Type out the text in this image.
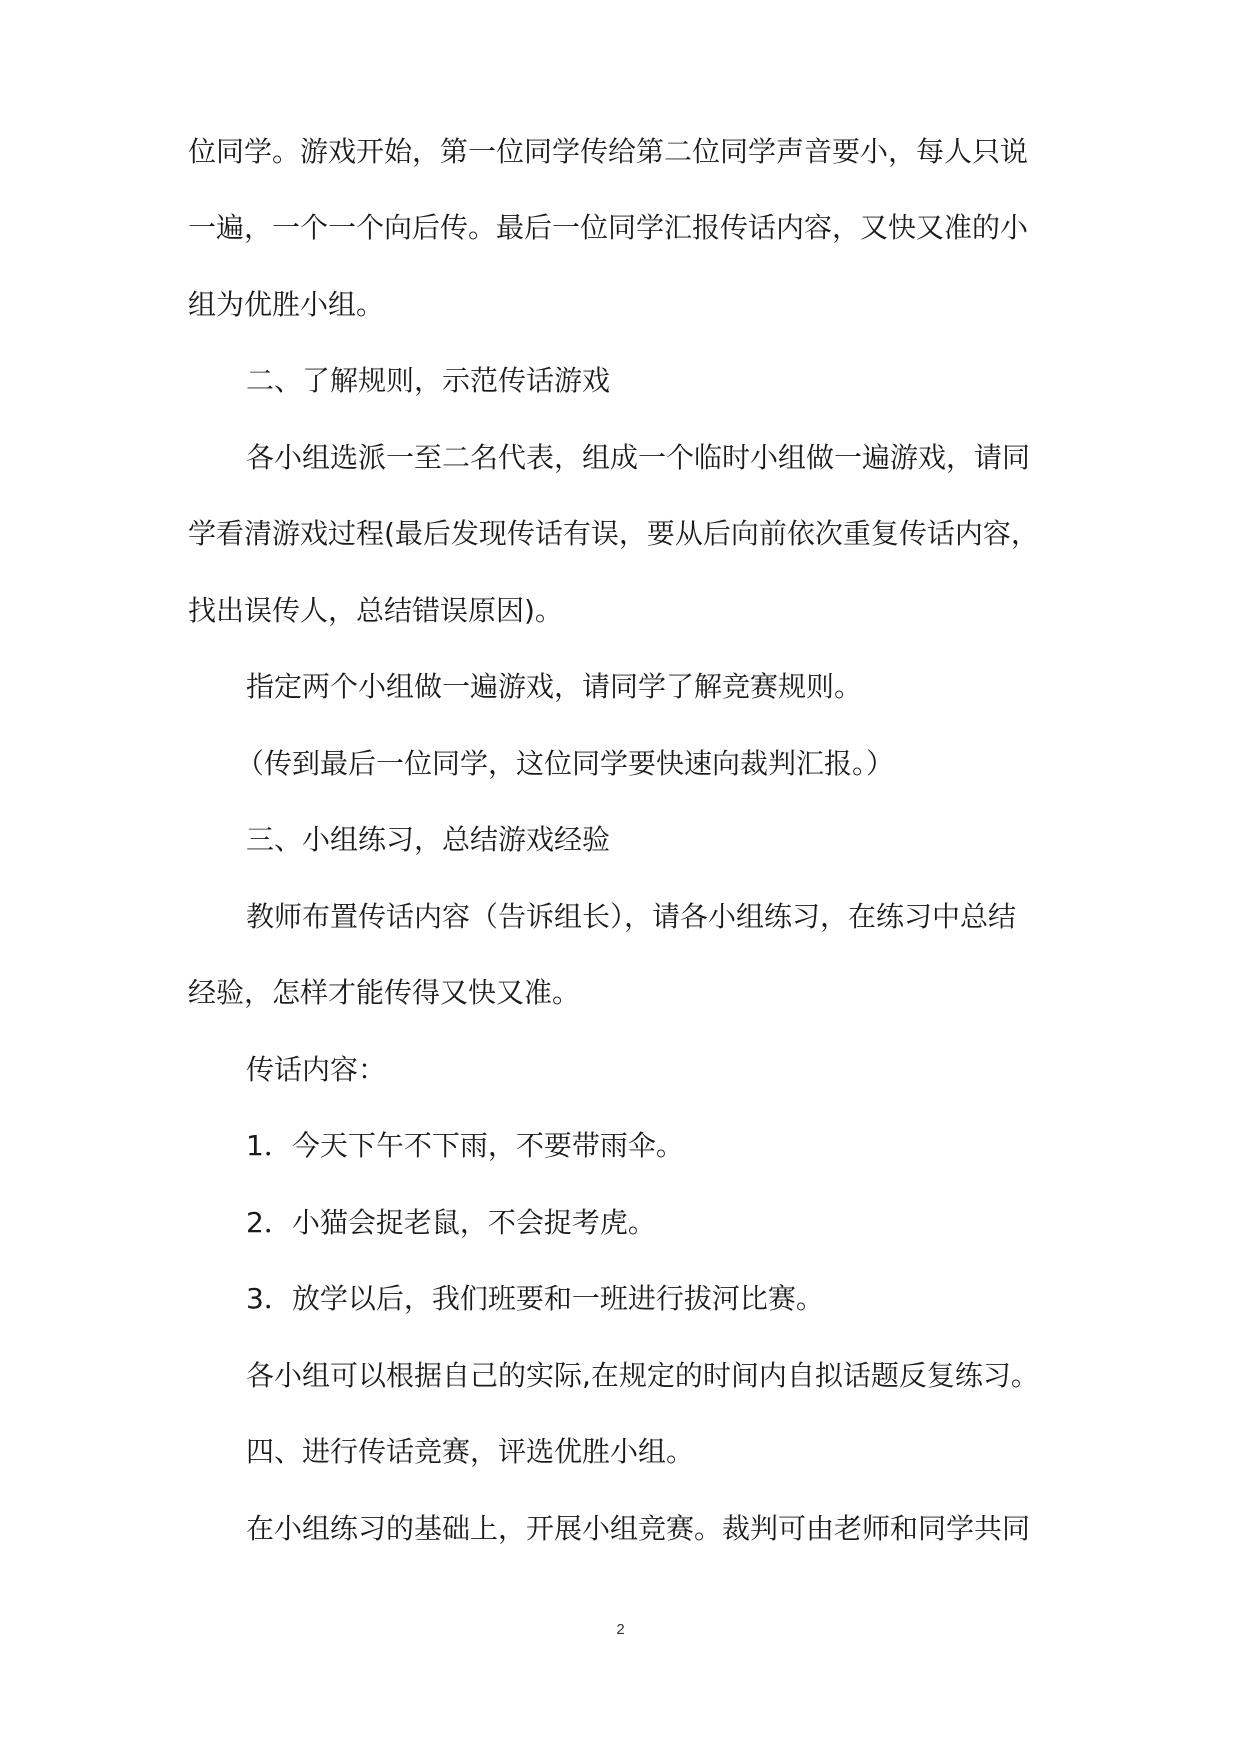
位同学。游戏开始，第一位同学传给第二位同学声音要小，每人只说
一遍，一个一个向后传。最后一位同学汇报传话内容，又快又准的小
组为优胜小组。
二、了解规则，示范传话游戏
各小组选派一至二名代表，组成一个临时小组做一遍游戏，请同
学看清游戏过程(最后发现传话有误，要从后向前依次重复传话内容，
找出误传人，总结错误原因)。
指定两个小组做一遍游戏，请同学了解竞赛规则。
（传到最后一位同学，这位同学要快速向裁判汇报。）
三、小组练习，总结游戏经验
教师布置传话内容（告诉组长），请各小组练习，在练习中总结
经验，怎样才能传得又快又准。
传话内容：
1．今天下午不下雨，不要带雨伞。
2．小猫会捉老鼠，不会捉考虎。
3．放学以后，我们班要和一班进行拔河比赛。
各小组可以根据自己的实际,在规定的时间内自拟话题反复练习。
四、进行传话竞赛，评选优胜小组。
在小组练习的基础上，开展小组竞赛。裁判可由老师和同学共同
2
